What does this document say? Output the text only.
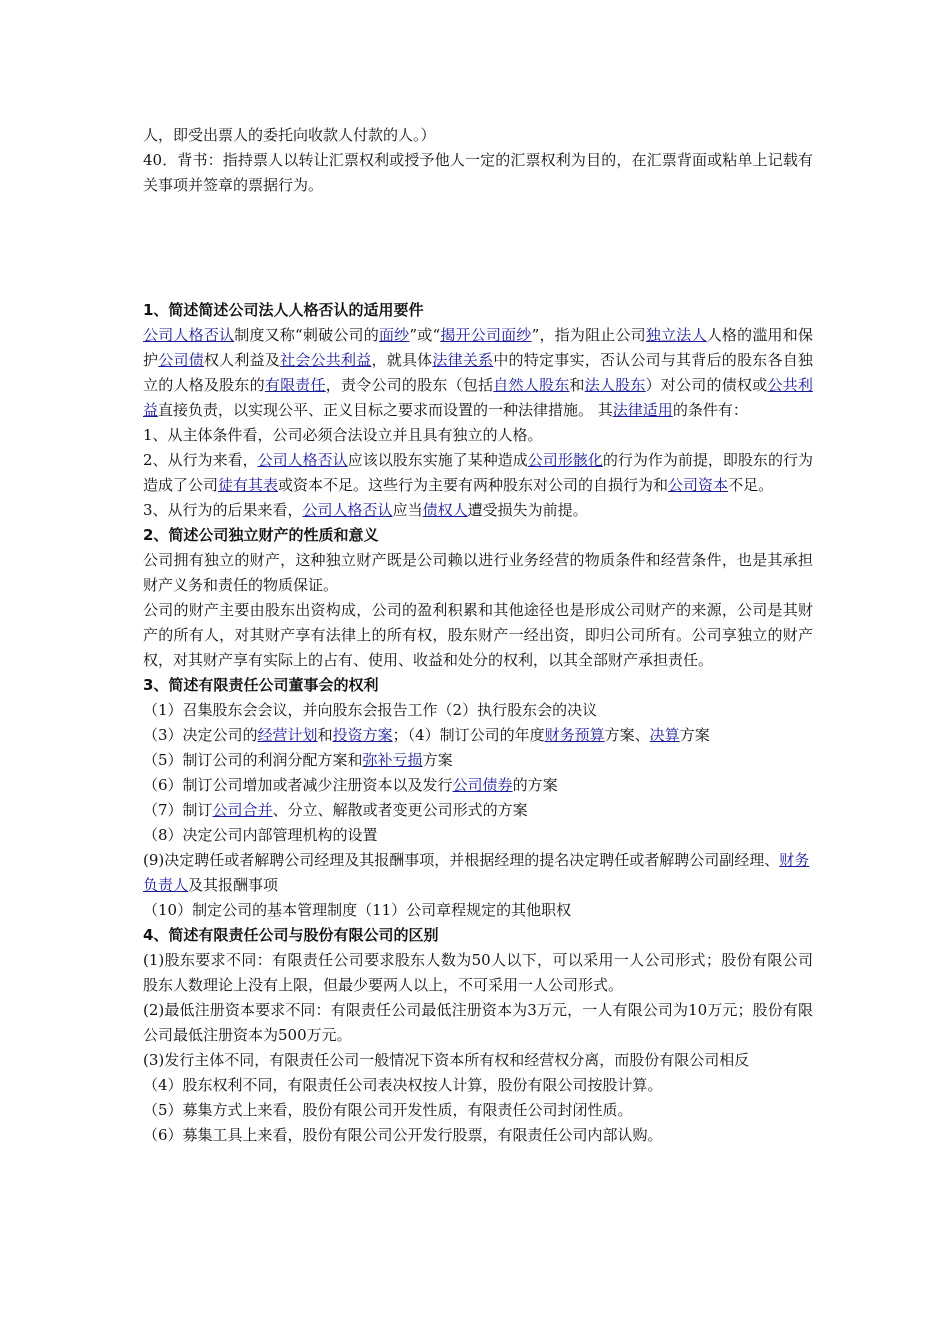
人，即受出票人的委托向收款人付款的人。）

40．背书：指持票人以转让汇票权利或授予他人一定的汇票权利为目的，在汇票背面或粘单上记载有关事项并签章的票据行为。

1、简述简述公司法人人格否认的适用要件

公司人格否认制度又称“刺破公司的面纱”或“揭开公司面纱”，指为阻止公司独立法人人格的滥用和保护公司债权人利益及社会公共利益，就具体法律关系中的特定事实，否认公司与其背后的股东各自独立的人格及股东的有限责任，责令公司的股东（包括自然人股东和法人股东）对公司的债权或公共利益直接负责，以实现公平、正义目标之要求而设置的一种法律措施。 其法律适用的条件有：

1、从主体条件看，公司必须合法设立并且具有独立的人格。

2、从行为来看，公司人格否认应该以股东实施了某种造成公司形骸化的行为作为前提，即股东的行为造成了公司徒有其表或资本不足。这些行为主要有两种股东对公司的自损行为和公司资本不足。

3、从行为的后果来看，公司人格否认应当债权人遭受损失为前提。

2、简述公司独立财产的性质和意义

公司拥有独立的财产，这种独立财产既是公司赖以进行业务经营的物质条件和经营条件，也是其承担财产义务和责任的物质保证。

公司的财产主要由股东出资构成，公司的盈利积累和其他途径也是形成公司财产的来源，公司是其财产的所有人，对其财产享有法律上的所有权，股东财产一经出资，即归公司所有。公司享独立的财产权，对其财产享有实际上的占有、使用、收益和处分的权利，以其全部财产承担责任。

3、简述有限责任公司董事会的权利

（1）召集股东会会议，并向股东会报告工作（2）执行股东会的决议

（3）决定公司的经营计划和投资方案；（4）制订公司的年度财务预算方案、决算方案

（5）制订公司的利润分配方案和弥补亏损方案

（6）制订公司增加或者减少注册资本以及发行公司债券的方案

（7）制订公司合并、分立、解散或者变更公司形式的方案

（8）决定公司内部管理机构的设置

(9)决定聘任或者解聘公司经理及其报酬事项，并根据经理的提名决定聘任或者解聘公司副经理、财务负责人及其报酬事项

（10）制定公司的基本管理制度（11）公司章程规定的其他职权

4、简述有限责任公司与股份有限公司的区别

(1)股东要求不同：有限责任公司要求股东人数为50人以下，可以采用一人公司形式；股份有限公司股东人数理论上没有上限，但最少要两人以上，不可采用一人公司形式。

(2)最低注册资本要求不同：有限责任公司最低注册资本为3万元，一人有限公司为10万元；股份有限公司最低注册资本为500万元。

(3)发行主体不同，有限责任公司一般情况下资本所有权和经营权分离，而股份有限公司相反

（4）股东权利不同，有限责任公司表决权按人计算，股份有限公司按股计算。

（5）募集方式上来看，股份有限公司开发性质，有限责任公司封闭性质。

（6）募集工具上来看，股份有限公司公开发行股票，有限责任公司内部认购。
